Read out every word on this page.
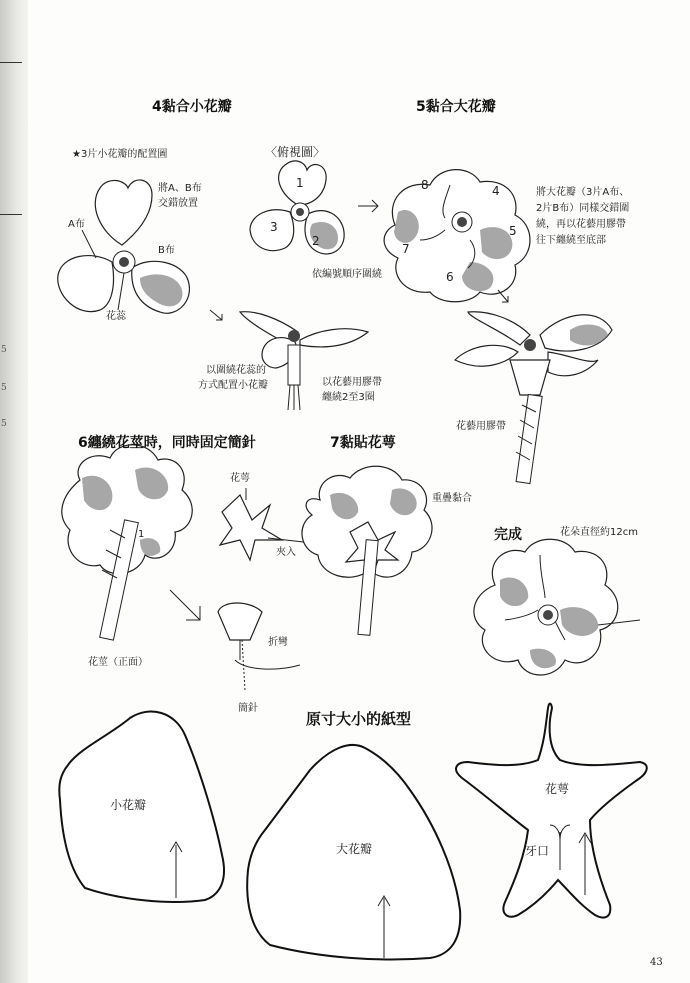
5
5
5
4黏合小花瓣	5黏合大花瓣
6纏繞花莖時，同時固定簡針	7黏貼花萼
完成
原寸大小的紙型
★3片小花瓣的配置圖	〈俯視圖〉
將A、B布
交錯放置
A布
B布
花蕊
1
2
3
依編號順序圍繞
以圍繞花蕊的
方式配置小花瓣	以花藝用膠帶
纏繞2至3圈
8	4
5
7
6
將大花瓣（3片A布、
2片B布）同樣交錯圍
繞，再以花藝用膠帶
往下纏繞至底部
花藝用膠帶
1
花莖（正面）
折彎
簡針
花萼
夾入
重疊黏合
花朵直徑約12cm
小花瓣
大花瓣
花萼
牙口
43
